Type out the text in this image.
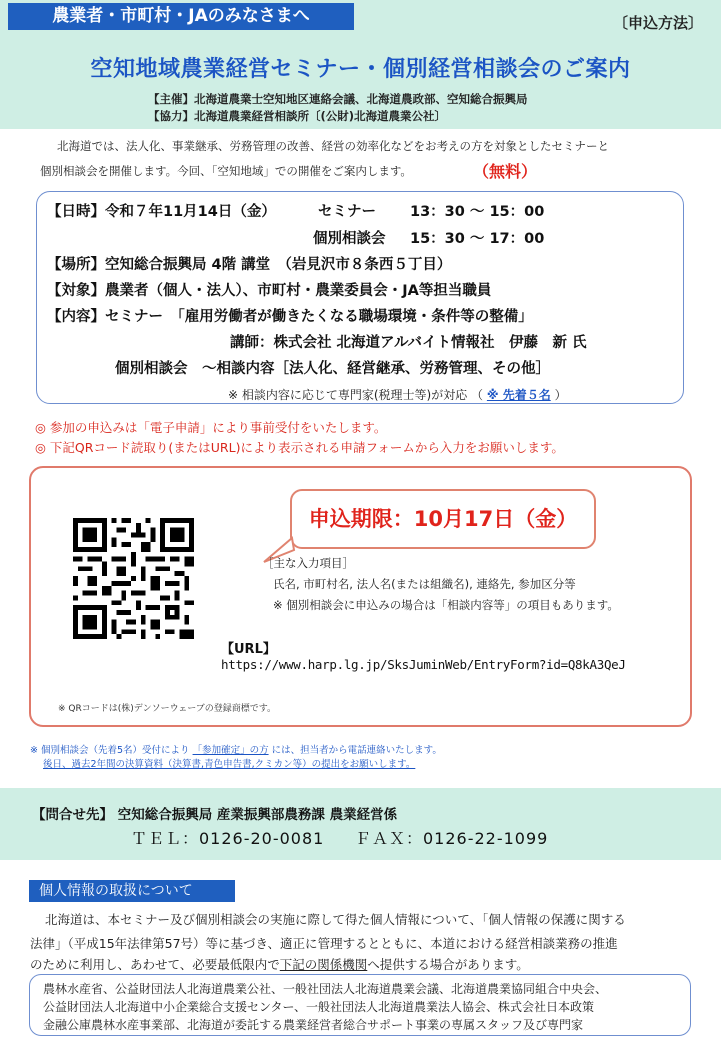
農業者・市町村・JAのみなさまへ	〔申込方法〕
空知地域農業経営セミナー・個別経営相談会のご案内
【主催】北海道農業士空知地区連絡会議、北海道農政部、空知総合振興局
【協力】北海道農業経営相談所〔(公財)北海道農業公社〕
北海道では、法人化、事業継承、労務管理の改善、経営の効率化などをお考えの方を対象としたセミナーと
個別相談会を開催します。今回、「空知地域」での開催をご案内します。	（無料）
【日時】令和７年11月14日（金）	セミナー 13：30 ～ 15：00
個別相談会 15：30 ～ 17：00
【場所】空知総合振興局 4階 講堂　（岩見沢市８条西５丁目）
【対象】農業者（個人・法人）、市町村・農業委員会・JA等担当職員
【内容】セミナー　「雇用労働者が働きたくなる職場環境・条件等の整備」
講師：株式会社 北海道アルバイト情報社　伊藤　新 氏
個別相談会　～相談内容［法人化、経営継承、労務管理、その他］
※ 相談内容に応じて専門家(税理士等)が対応 （ ※ 先着５名 ）
◎ 参加の申込みは「電子申請」により事前受付をいたします。
◎ 下記QRコード読取り(またはURL)により表示される申請フォームから入力をお願いします。
申込期限：10月17日（金）
［主な入力項目］
氏名, 市町村名, 法人名(または組織名), 連絡先, 参加区分等
※ 個別相談会に申込みの場合は「相談内容等」の項目もあります。
【URL】
https://www.harp.lg.jp/SksJuminWeb/EntryForm?id=Q8kA3QeJ
※ QRコードは(株)デンソーウェーブの登録商標です。
※ 個別相談会（先着5名）受付により 「参加確定」の方 には、担当者から電話連絡いたします。
後日、過去2年間の決算資料（決算書,青色申告書,クミカン等）の提出をお願いします。
【問合せ先】 空知総合振興局 産業振興部農務課 農業経営係
ＴＥＬ：0126-20-0081 ＦＡＸ：0126-22-1099
個人情報の取扱について
北海道は、本セミナー及び個別相談会の実施に際して得た個人情報について、「個人情報の保護に関する
法律」（平成15年法律第57号）等に基づき、適正に管理するとともに、本道における経営相談業務の推進
のために利用し、あわせて、必要最低限内で下記の関係機関へ提供する場合があります。
農林水産省、公益財団法人北海道農業公社、一般社団法人北海道農業会議、北海道農業協同組合中央会、
公益財団法人北海道中小企業総合支援センター、一般社団法人北海道農業法人協会、株式会社日本政策
金融公庫農林水産事業部、北海道が委託する農業経営者総合サポート事業の専属スタッフ及び専門家
